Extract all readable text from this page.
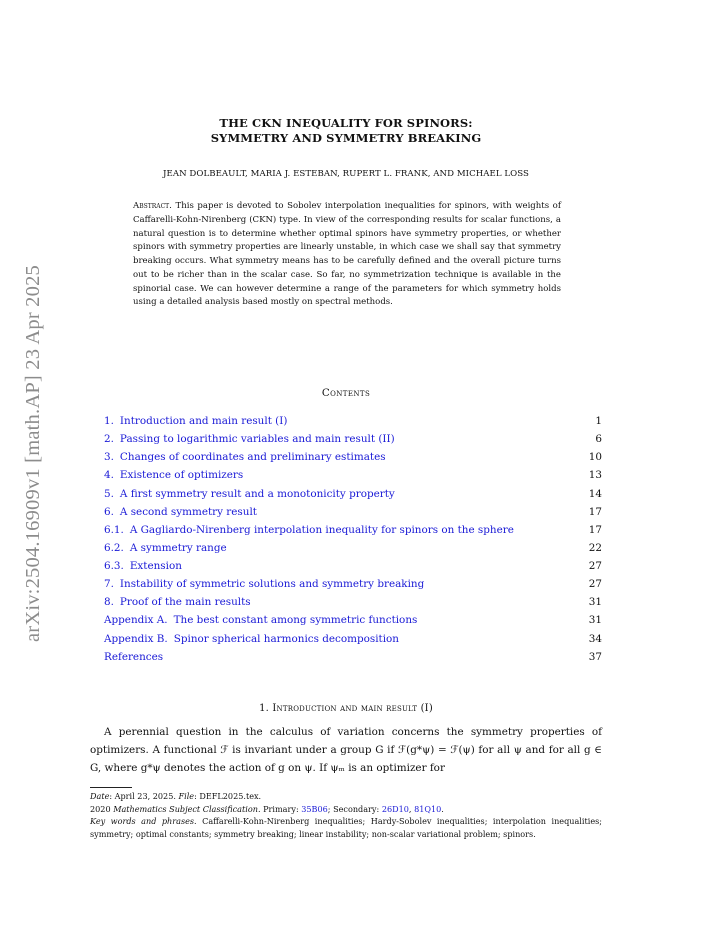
arXiv:2504.16909v1 [math.AP] 23 Apr 2025
THE CKN INEQUALITY FOR SPINORS:
SYMMETRY AND SYMMETRY BREAKING
JEAN DOLBEAULT, MARIA J. ESTEBAN, RUPERT L. FRANK, AND MICHAEL LOSS
Abstract. This paper is devoted to Sobolev interpolation inequalities for spinors, with weights of Caffarelli-Kohn-Nirenberg (CKN) type. In view of the corresponding results for scalar functions, a natural question is to determine whether optimal spinors have symmetry properties, or whether spinors with symmetry properties are linearly unstable, in which case we shall say that symmetry breaking occurs. What symmetry means has to be carefully defined and the overall picture turns out to be richer than in the scalar case. So far, no symmetrization technique is available in the spinorial case. We can however determine a range of the parameters for which symmetry holds using a detailed analysis based mostly on spectral methods.
Contents
1. Introduction and main result (I)	1
2. Passing to logarithmic variables and main result (II)	6
3. Changes of coordinates and preliminary estimates	10
4. Existence of optimizers	13
5. A first symmetry result and a monotonicity property	14
6. A second symmetry result	17
6.1. A Gagliardo-Nirenberg interpolation inequality for spinors on the sphere	17
6.2. A symmetry range	22
6.3. Extension	27
7. Instability of symmetric solutions and symmetry breaking	27
8. Proof of the main results	31
Appendix A. The best constant among symmetric functions	31
Appendix B. Spinor spherical harmonics decomposition	34
References	37
1. Introduction and main result (I)
A perennial question in the calculus of variation concerns the symmetry properties of optimizers. A functional ℱ is invariant under a group G if ℱ(g*ψ) = ℱ(ψ) for all ψ and for all g ∈ G, where g*ψ denotes the action of g on ψ. If ψₘ is an optimizer for
Date: April 23, 2025. File: DEFL2025.tex.
2020 Mathematics Subject Classification. Primary: 35B06; Secondary: 26D10, 81Q10.
Key words and phrases. Caffarelli-Kohn-Nirenberg inequalities; Hardy-Sobolev inequalities; interpolation inequalities; symmetry; optimal constants; symmetry breaking; linear instability; non-scalar variational problem; spinors.
